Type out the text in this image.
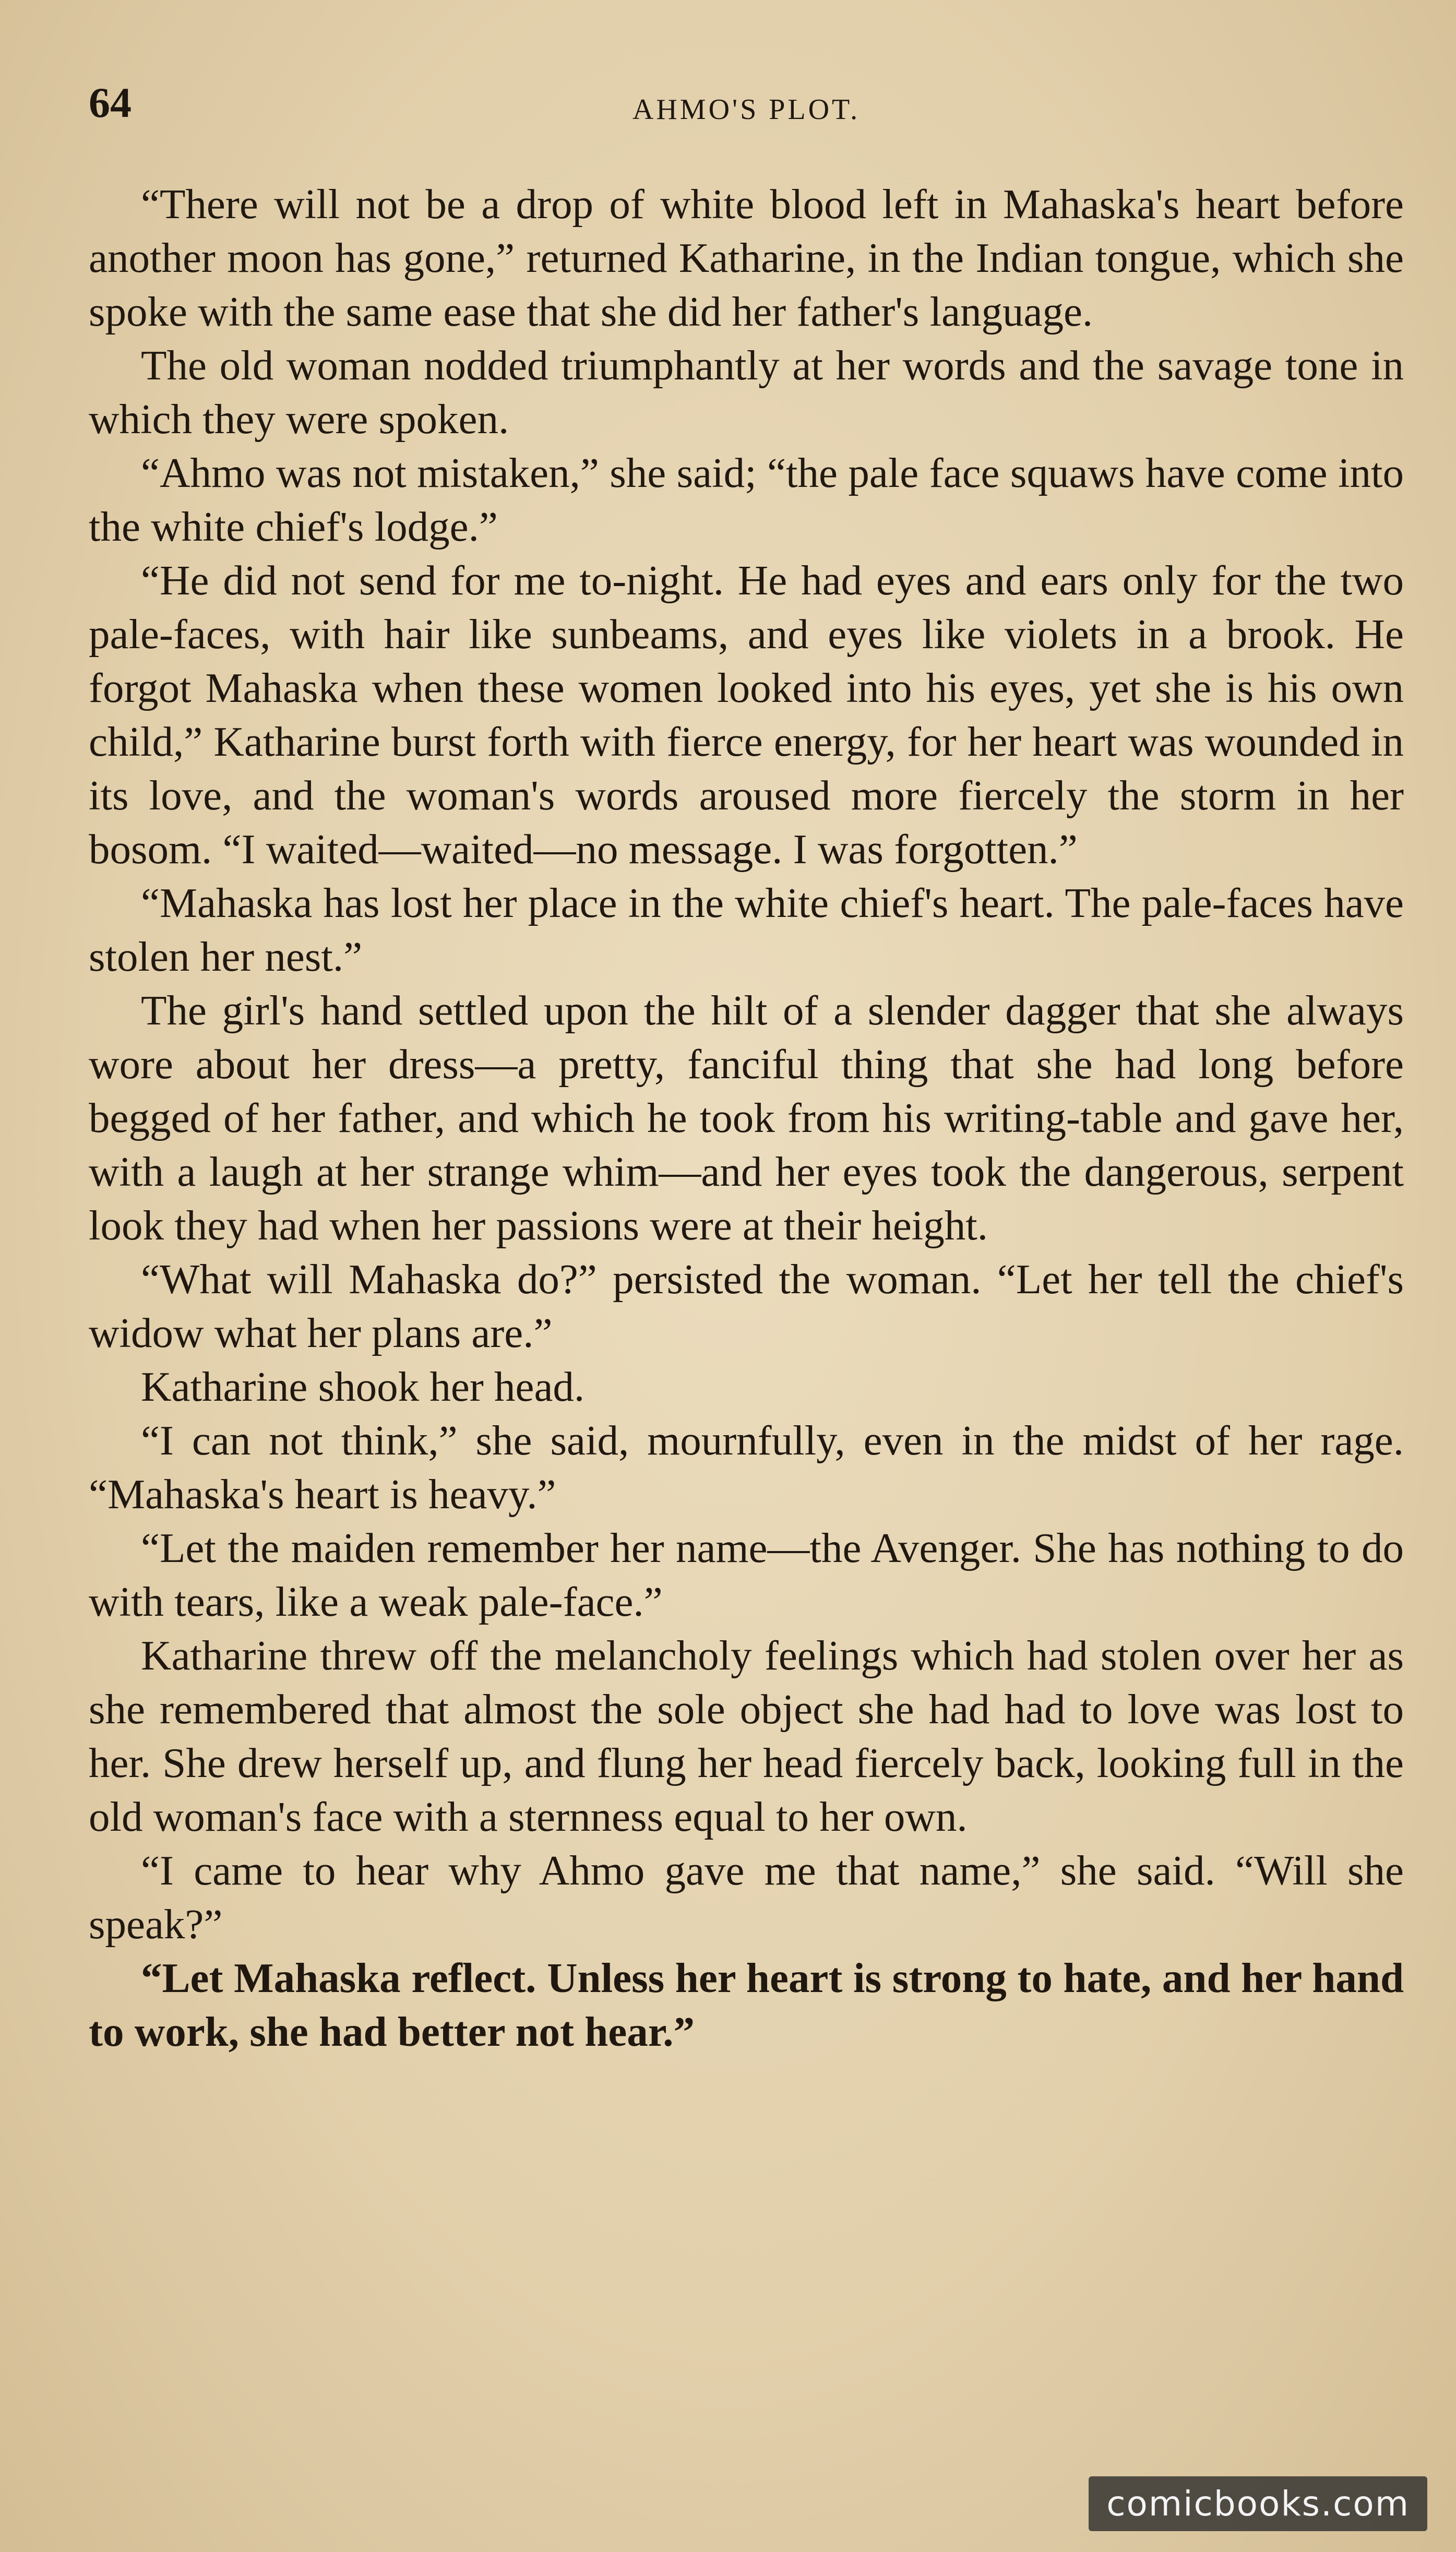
64	AHMO'S PLOT.

“There will not be a drop of white blood left in Mahaska's heart before another moon has gone,” returned Katharine, in the Indian tongue, which she spoke with the same ease that she did her father's language.

The old woman nodded triumphantly at her words and the savage tone in which they were spoken.

“Ahmo was not mistaken,” she said; “the pale face squaws have come into the white chief's lodge.”

“He did not send for me to-night. He had eyes and ears only for the two pale-faces, with hair like sunbeams, and eyes like violets in a brook. He forgot Mahaska when these women looked into his eyes, yet she is his own child,” Katharine burst forth with fierce energy, for her heart was wounded in its love, and the woman's words aroused more fiercely the storm in her bosom. “I waited—waited—no message. I was forgotten.”

“Mahaska has lost her place in the white chief's heart. The pale-faces have stolen her nest.”

The girl's hand settled upon the hilt of a slender dagger that she always wore about her dress—a pretty, fanciful thing that she had long before begged of her father, and which he took from his writing-table and gave her, with a laugh at her strange whim—and her eyes took the dangerous, serpent look they had when her passions were at their height.

“What will Mahaska do?” persisted the woman. “Let her tell the chief's widow what her plans are.”

Katharine shook her head.

“I can not think,” she said, mournfully, even in the midst of her rage. “Mahaska's heart is heavy.”

“Let the maiden remember her name—the Avenger. She has nothing to do with tears, like a weak pale-face.”

Katharine threw off the melancholy feelings which had stolen over her as she remembered that almost the sole object she had had to love was lost to her. She drew herself up, and flung her head fiercely back, looking full in the old woman's face with a sternness equal to her own.

“I came to hear why Ahmo gave me that name,” she said. “Will she speak?”

“Let Mahaska reflect. Unless her heart is strong to hate, and her hand to work, she had better not hear.”

comicbooks.com
